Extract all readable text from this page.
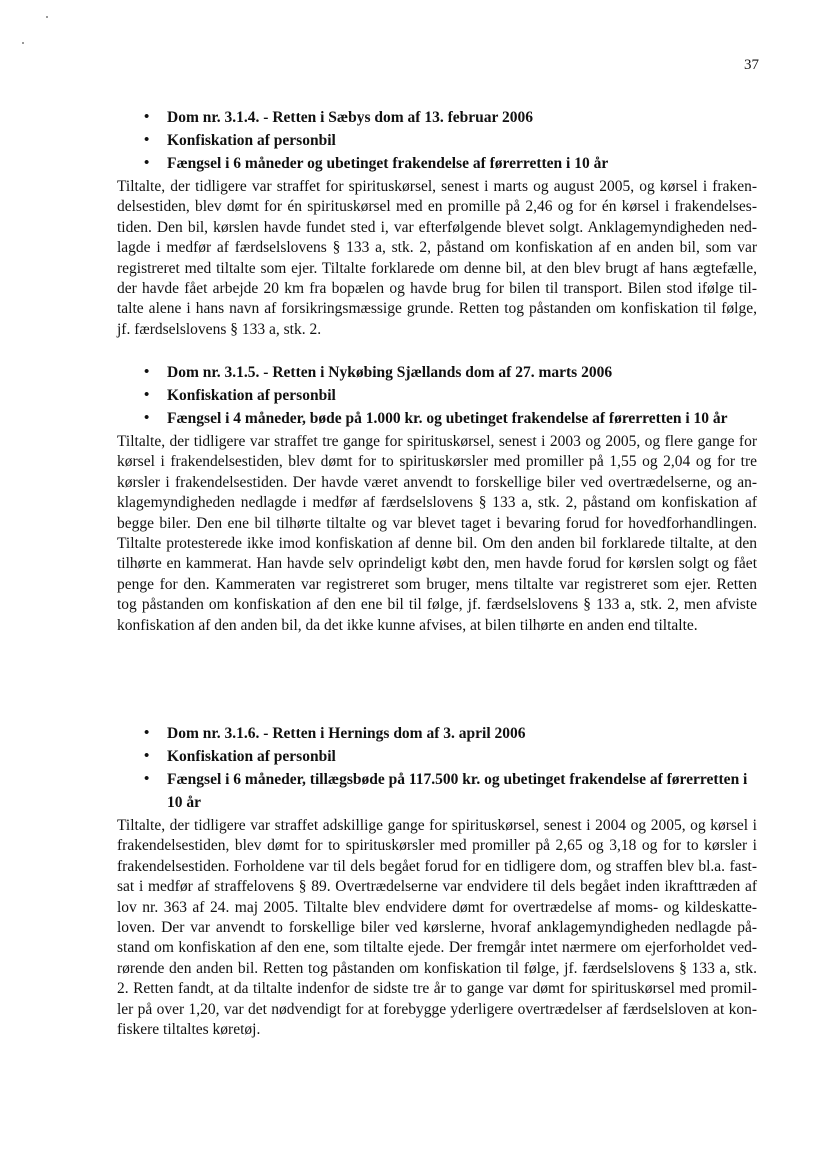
37
• Dom nr. 3.1.4. - Retten i Sæbys dom af 13. februar 2006
• Konfiskation af personbil
• Fængsel i 6 måneder og ubetinget frakendelse af førerretten i 10 år
Tiltalte, der tidligere var straffet for spirituskørsel, senest i marts og august 2005, og kørsel i fraken-
delsestiden, blev dømt for én spirituskørsel med en promille på 2,46 og for én kørsel i frakendelses-
tiden. Den bil, kørslen havde fundet sted i, var efterfølgende blevet solgt. Anklagemyndigheden ned-
lagde i medfør af færdselslovens § 133 a, stk. 2, påstand om konfiskation af en anden bil, som var
registreret med tiltalte som ejer. Tiltalte forklarede om denne bil, at den blev brugt af hans ægtefælle,
der havde fået arbejde 20 km fra bopælen og havde brug for bilen til transport. Bilen stod ifølge til-
talte alene i hans navn af forsikringsmæssige grunde. Retten tog påstanden om konfiskation til følge,
jf. færdselslovens § 133 a, stk. 2.
• Dom nr. 3.1.5. - Retten i Nykøbing Sjællands dom af 27. marts 2006
• Konfiskation af personbil
• Fængsel i 4 måneder, bøde på 1.000 kr. og ubetinget frakendelse af førerretten i 10 år
Tiltalte, der tidligere var straffet tre gange for spirituskørsel, senest i 2003 og 2005, og flere gange for
kørsel i frakendelsestiden, blev dømt for to spirituskørsler med promiller på 1,55 og 2,04 og for tre
kørsler i frakendelsestiden. Der havde været anvendt to forskellige biler ved overtrædelserne, og an-
klagemyndigheden nedlagde i medfør af færdselslovens § 133 a, stk. 2, påstand om konfiskation af
begge biler. Den ene bil tilhørte tiltalte og var blevet taget i bevaring forud for hovedforhandlingen.
Tiltalte protesterede ikke imod konfiskation af denne bil. Om den anden bil forklarede tiltalte, at den
tilhørte en kammerat. Han havde selv oprindeligt købt den, men havde forud for kørslen solgt og fået
penge for den. Kammeraten var registreret som bruger, mens tiltalte var registreret som ejer. Retten
tog påstanden om konfiskation af den ene bil til følge, jf. færdselslovens § 133 a, stk. 2, men afviste
konfiskation af den anden bil, da det ikke kunne afvises, at bilen tilhørte en anden end tiltalte.
• Dom nr. 3.1.6. - Retten i Hernings dom af 3. april 2006
• Konfiskation af personbil
• Fængsel i 6 måneder, tillægsbøde på 117.500 kr. og ubetinget frakendelse af førerretten i 10 år
Tiltalte, der tidligere var straffet adskillige gange for spirituskørsel, senest i 2004 og 2005, og kørsel i
frakendelsestiden, blev dømt for to spirituskørsler med promiller på 2,65 og 3,18 og for to kørsler i
frakendelsestiden. Forholdene var til dels begået forud for en tidligere dom, og straffen blev bl.a. fast-
sat i medfør af straffelovens § 89. Overtrædelserne var endvidere til dels begået inden ikrafttræden af
lov nr. 363 af 24. maj 2005. Tiltalte blev endvidere dømt for overtrædelse af moms- og kildeskatte-
loven. Der var anvendt to forskellige biler ved kørslerne, hvoraf anklagemyndigheden nedlagde på-
stand om konfiskation af den ene, som tiltalte ejede. Der fremgår intet nærmere om ejerforholdet ved-
rørende den anden bil. Retten tog påstanden om konfiskation til følge, jf. færdselslovens § 133 a, stk.
2. Retten fandt, at da tiltalte indenfor de sidste tre år to gange var dømt for spirituskørsel med promil-
ler på over 1,20, var det nødvendigt for at forebygge yderligere overtrædelser af færdselsloven at kon-
fiskere tiltaltes køretøj.
